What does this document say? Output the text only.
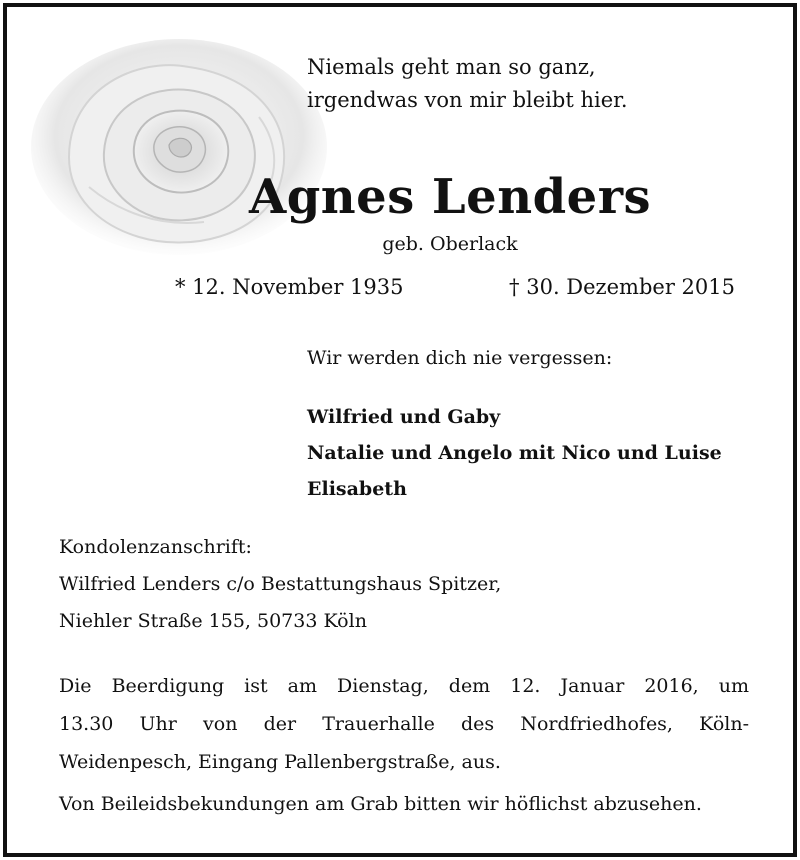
Niemals geht man so ganz,
irgendwas von mir bleibt hier.
Agnes Lenders
geb. Oberlack
* 12. November 1935	† 30. Dezember 2015
Wir werden dich nie vergessen:
Wilfried und Gaby
Natalie und Angelo mit Nico und Luise
Elisabeth
Kondolenzanschrift:
Wilfried Lenders c/o Bestattungshaus Spitzer,
Niehler Straße 155, 50733 Köln
Die Beerdigung ist am Dienstag, dem 12. Januar 2016, um
13.30 Uhr von der Trauerhalle des Nordfriedhofes, Köln-
Weidenpesch, Eingang Pallenbergstraße, aus.
Von Beileidsbekundungen am Grab bitten wir höflichst abzusehen.
